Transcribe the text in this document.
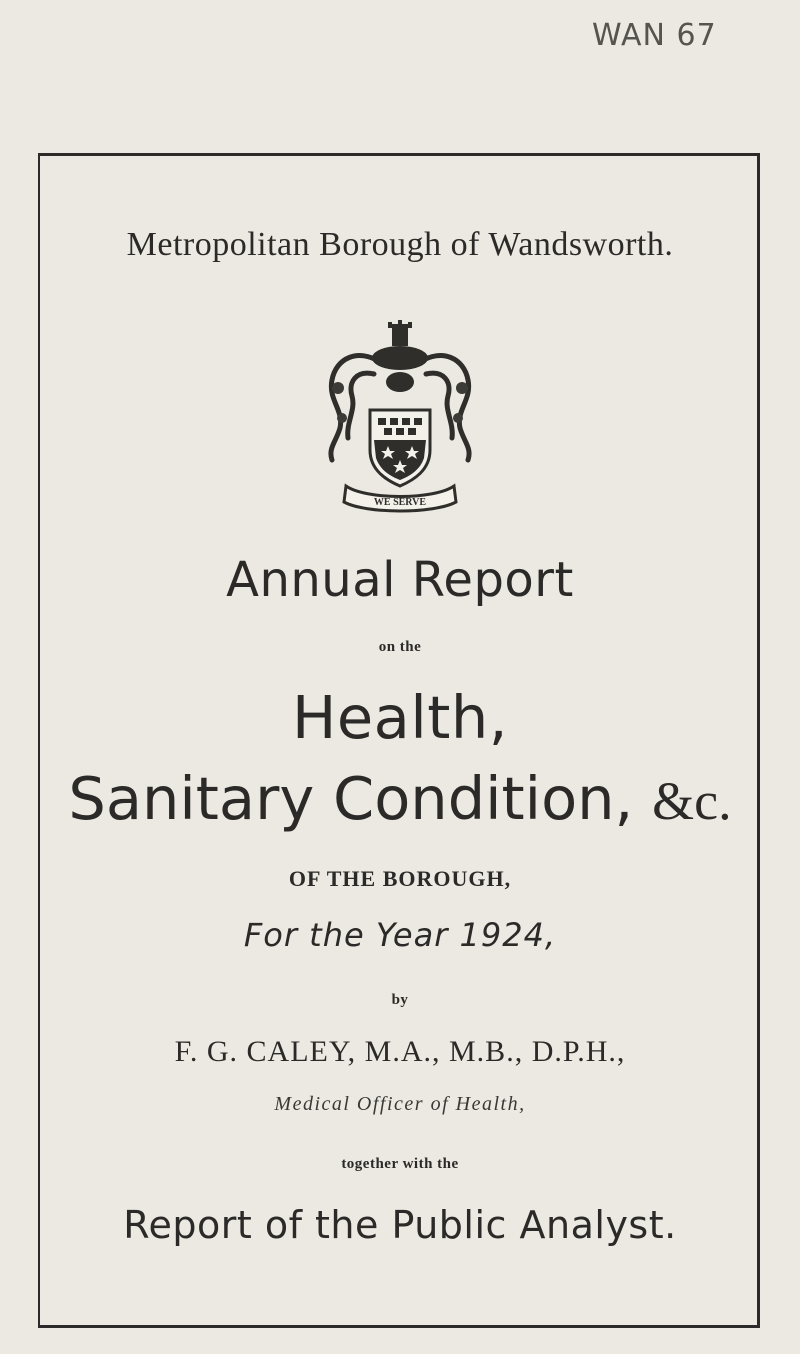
WAN 67
Metropolitan Borough of Wandsworth.
WE SERVE
Annual Report
on the
Health,
Sanitary Condition, &c.
OF THE BOROUGH,
For the Year 1924,
by
F. G. CALEY, M.A., M.B., D.P.H.,
Medical Officer of Health,
together with the
Report of the Public Analyst.
